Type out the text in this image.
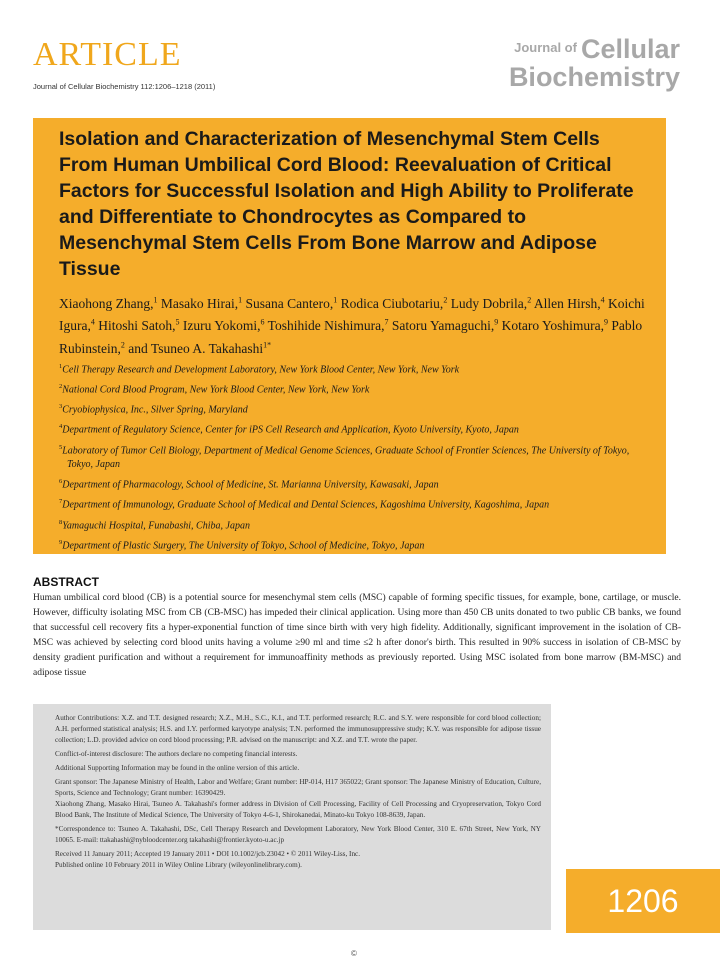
ARTICLE
Journal of Cellular Biochemistry 112:1206–1218 (2011)
$^{Journal of}$ Cellular
Biochemistry
Isolation and Characterization of Mesenchymal Stem Cells From Human Umbilical Cord Blood: Reevaluation of Critical Factors for Successful Isolation and High Ability to Proliferate and Differentiate to Chondrocytes as Compared to Mesenchymal Stem Cells From Bone Marrow and Adipose Tissue
Xiaohong Zhang,$^1$ Masako Hirai,$^1$ Susana Cantero,$^1$ Rodica Ciubotariu,$^2$ Ludy Dobrila,$^2$ Allen Hirsh,$^4$ Koichi Igura,$^4$ Hitoshi Satoh,$^5$ Izuru Yokomi,$^6$ Toshihide Nishimura,$^7$ Satoru Yamaguchi,$^9$ Kotaro Yoshimura,$^9$ Pablo Rubinstein,$^2$ and Tsuneo A. Takahashi$^{1*}$

$^1$Cell Therapy Research and Development Laboratory, New York Blood Center, New York, New York

$^2$National Cord Blood Program, New York Blood Center, New York, New York

$^3$Cryobiophysica, Inc., Silver Spring, Maryland

$^4$Department of Regulatory Science, Center for iPS Cell Research and Application, Kyoto University, Kyoto, Japan

$^5$Laboratory of Tumor Cell Biology, Department of Medical Genome Sciences, Graduate School of Frontier Sciences, The University of Tokyo, Tokyo, Japan

$^6$Department of Pharmacology, School of Medicine, St. Marianna University, Kawasaki, Japan

$^7$Department of Immunology, Graduate School of Medical and Dental Sciences, Kagoshima University, Kagoshima, Japan

$^8$Yamaguchi Hospital, Funabashi, Chiba, Japan

$^9$Department of Plastic Surgery, The University of Tokyo, School of Medicine, Tokyo, Japan

ABSTRACT
Human umbilical cord blood (CB) is a potential source for mesenchymal stem cells (MSC) capable of forming specific tissues, for example, bone, cartilage, or muscle. However, difficulty isolating MSC from CB (CB-MSC) has impeded their clinical application. Using more than 450 CB units donated to two public CB banks, we found that successful cell recovery fits a hyper-exponential function of time since birth with very high fidelity. Additionally, significant improvement in the isolation of CB-MSC was achieved by selecting cord blood units having a volume ≥90 ml and time ≤2 h after donor's birth. This resulted in 90% success in isolation of CB-MSC by density gradient purification and without a requirement for immunoaffinity methods as previously reported. Using MSC isolated from bone marrow (BM-MSC) and adipose tissue

Author Contributions: X.Z. and T.T. designed research; X.Z., M.H., S.C., K.I., and T.T. performed research; R.C. and S.Y. were responsible for cord blood collection; A.H. performed statistical analysis; H.S. and I.Y. performed karyotype analysis; T.N. performed the immunosuppressive study; K.Y. was responsible for adipose tissue collection; L.D. provided advice on cord blood processing; P.R. advised on the manuscript: and X.Z. and T.T. wrote the paper.

Conflict-of-interest disclosure: The authors declare no competing financial interests.

Additional Supporting Information may be found in the online version of this article.

Grant sponsor: The Japanese Ministry of Health, Labor and Welfare; Grant number: HP-014, H17 365022; Grant sponsor: The Japanese Ministry of Education, Culture, Sports, Science and Technology; Grant number: 16390429.

Xiaohong Zhang, Masako Hirai, Tsuneo A. Takahashi's former address in Division of Cell Processing, Facility of Cell Processing and Cryopreservation, Tokyo Cord Blood Bank, The Institute of Medical Science, The University of Tokyo 4-6-1, Shirokanedai, Minato-ku Tokyo 108-8639, Japan.

*Correspondence to: Tsuneo A. Takahashi, DSc, Cell Therapy Research and Development Laboratory, New York Blood Center, 310 E. 67th Street, New York, NY 10065. E-mail: ttakahashi@nybloodcenter.org takahashi@frontier.kyoto-u.ac.jp

Received 11 January 2011; Accepted 19 January 2011 • DOI 10.1002/jcb.23042 • © 2011 Wiley-Liss, Inc.

Published online 10 February 2011 in Wiley Online Library (wileyonlinelibrary.com).

1206
©
